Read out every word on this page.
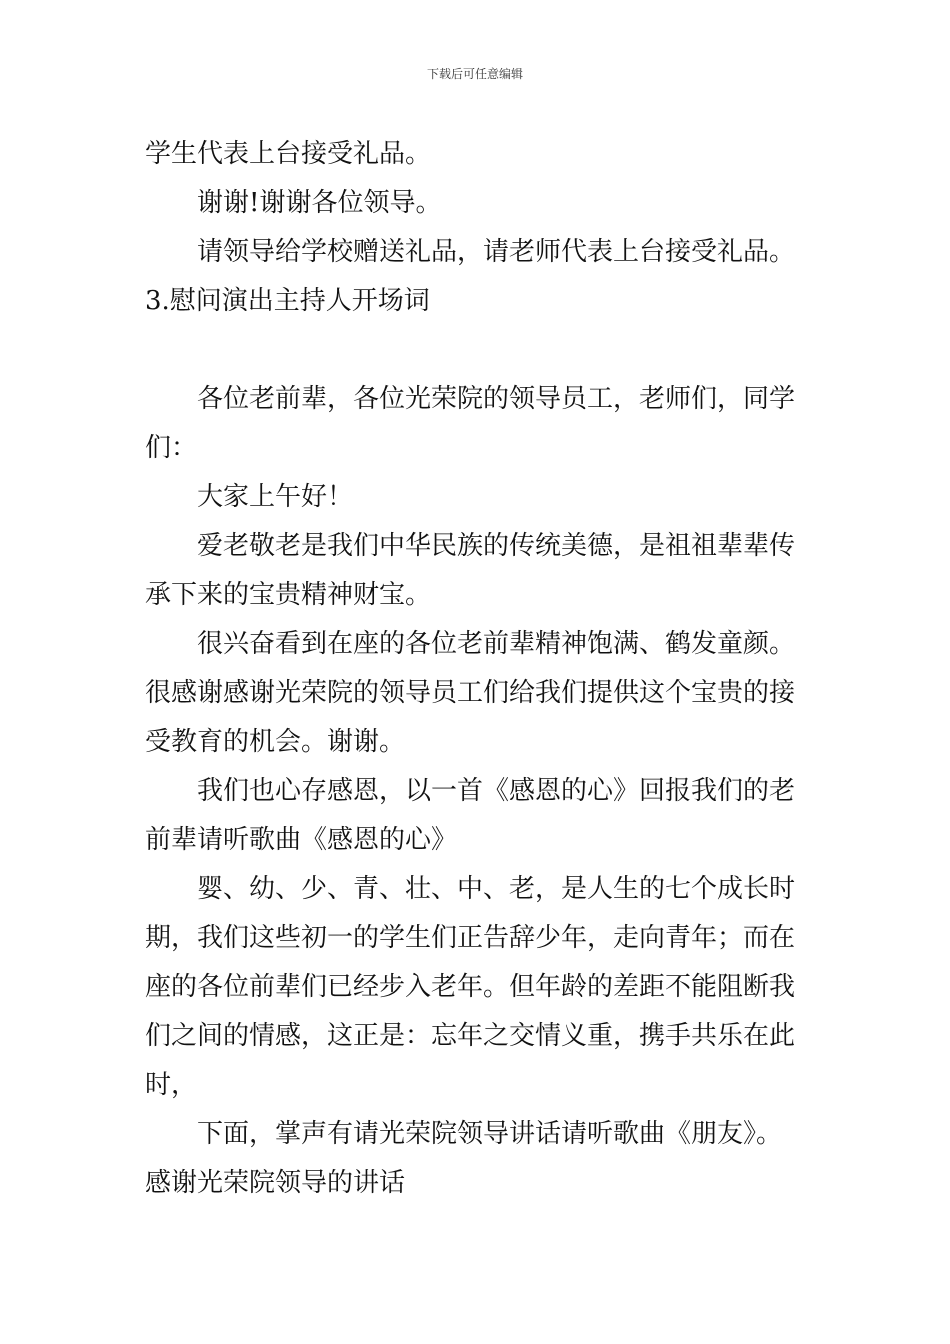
下载后可任意编辑
学生代表上台接受礼品。
谢谢!谢谢各位领导。
请领导给学校赠送礼品，请老师代表上台接受礼品。
3.慰问演出主持人开场词
各位老前辈，各位光荣院的领导员工，老师们，同学
们：
大家上午好！
爱老敬老是我们中华民族的传统美德，是祖祖辈辈传
承下来的宝贵精神财宝。
很兴奋看到在座的各位老前辈精神饱满、鹤发童颜。
很感谢感谢光荣院的领导员工们给我们提供这个宝贵的接
受教育的机会。谢谢。
我们也心存感恩，以一首《感恩的心》回报我们的老
前辈请听歌曲《感恩的心》
婴、幼、少、青、壮、中、老，是人生的七个成长时
期，我们这些初一的学生们正告辞少年，走向青年；而在
座的各位前辈们已经步入老年。但年龄的差距不能阻断我
们之间的情感，这正是：忘年之交情义重，携手共乐在此
时，
下面，掌声有请光荣院领导讲话请听歌曲《朋友》。
感谢光荣院领导的讲话
